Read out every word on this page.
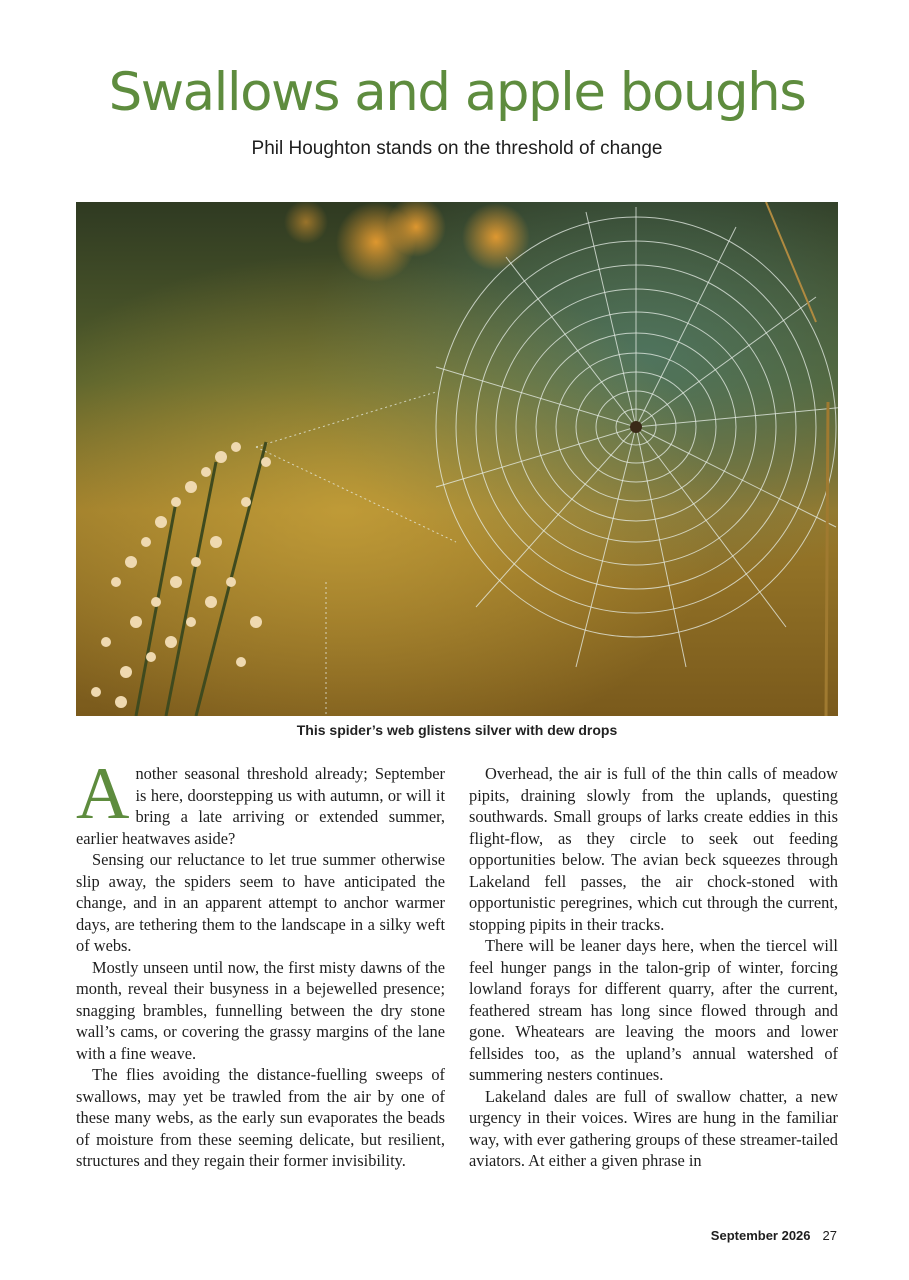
Swallows and apple boughs
Phil Houghton stands on the threshold of change
This spider’s web glistens silver with dew drops

Another seasonal threshold already; September is here, doorstepping us with autumn, or will it bring a late arriving or extended summer, earlier heatwaves aside?

Sensing our reluctance to let true summer otherwise slip away, the spiders seem to have anticipated the change, and in an apparent attempt to anchor warmer days, are tethering them to the landscape in a silky weft of webs.

Mostly unseen until now, the first misty dawns of the month, reveal their busyness in a bejewelled presence; snagging brambles, funnelling between the dry stone wall’s cams, or covering the grassy margins of the lane with a fine weave.

The flies avoiding the distance-fuelling sweeps of swallows, may yet be trawled from the air by one of these many webs, as the early sun evaporates the beads of moisture from these seeming delicate, but resilient, structures and they regain their former invisibility.

Overhead, the air is full of the thin calls of meadow pipits, draining slowly from the uplands, questing southwards. Small groups of larks create eddies in this flight-flow, as they circle to seek out feeding opportunities below. The avian beck squeezes through Lakeland fell passes, the air chock-stoned with opportunistic peregrines, which cut through the current, stopping pipits in their tracks.

There will be leaner days here, when the tiercel will feel hunger pangs in the talon-grip of winter, forcing lowland forays for different quarry, after the current, feathered stream has long since flowed through and gone. Wheatears are leaving the moors and lower fellsides too, as the upland’s annual watershed of summering nesters continues.

Lakeland dales are full of swallow chatter, a new urgency in their voices. Wires are hung in the familiar way, with ever gathering groups of these streamer-tailed aviators. At either a given phrase in

September 2026 27
